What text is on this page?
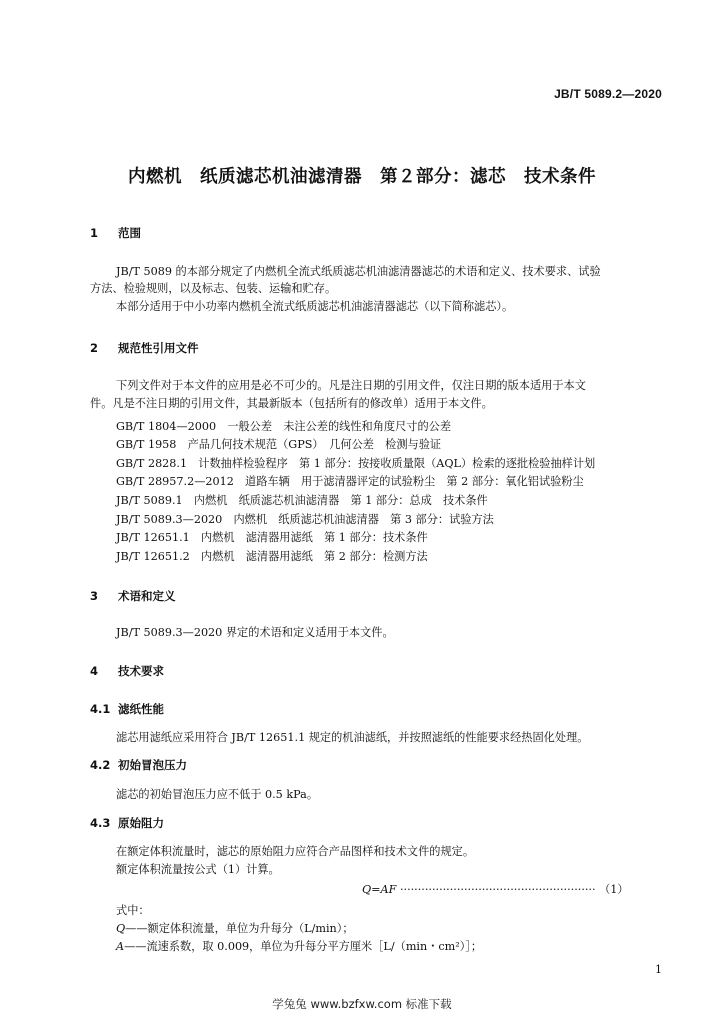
JB/T 5089.2—2020
内燃机　纸质滤芯机油滤清器　第２部分：滤芯　技术条件
1 范围
JB/T 5089 的本部分规定了内燃机全流式纸质滤芯机油滤清器滤芯的术语和定义、技术要求、试验
方法、检验规则，以及标志、包装、运输和贮存。
本部分适用于中小功率内燃机全流式纸质滤芯机油滤清器滤芯（以下简称滤芯）。
2 规范性引用文件
下列文件对于本文件的应用是必不可少的。凡是注日期的引用文件，仅注日期的版本适用于本文
件。凡是不注日期的引用文件，其最新版本（包括所有的修改单）适用于本文件。
GB/T 1804—2000　一般公差　未注公差的线性和角度尺寸的公差
GB/T 1958　产品几何技术规范（GPS）　几何公差　检测与验证
GB/T 2828.1　计数抽样检验程序　第 1 部分：按接收质量限（AQL）检索的逐批检验抽样计划
GB/T 28957.2—2012　道路车辆　用于滤清器评定的试验粉尘　第 2 部分：氧化铝试验粉尘
JB/T 5089.1　内燃机　纸质滤芯机油滤清器　第 1 部分：总成　技术条件
JB/T 5089.3—2020　内燃机　纸质滤芯机油滤清器　第 3 部分：试验方法
JB/T 12651.1　内燃机　滤清器用滤纸　第 1 部分：技术条件
JB/T 12651.2　内燃机　滤清器用滤纸　第 2 部分：检测方法
3 术语和定义
JB/T 5089.3—2020 界定的术语和定义适用于本文件。
4 技术要求
4.1 滤纸性能
滤芯用滤纸应采用符合 JB/T 12651.1 规定的机油滤纸，并按照滤纸的性能要求经热固化处理。
4.2 初始冒泡压力
滤芯的初始冒泡压力应不低于 0.5 kPa。
4.3 原始阻力
在额定体积流量时，滤芯的原始阻力应符合产品图样和技术文件的规定。
额定体积流量按公式（1）计算。
Q=AF ······················································· （1）
式中：
Q——额定体积流量，单位为升每分（L/min）；
A——流速系数，取 0.009，单位为升每分平方厘米［L/（min・cm²）］；
1
学兔兔 www.bzfxw.com 标准下载
